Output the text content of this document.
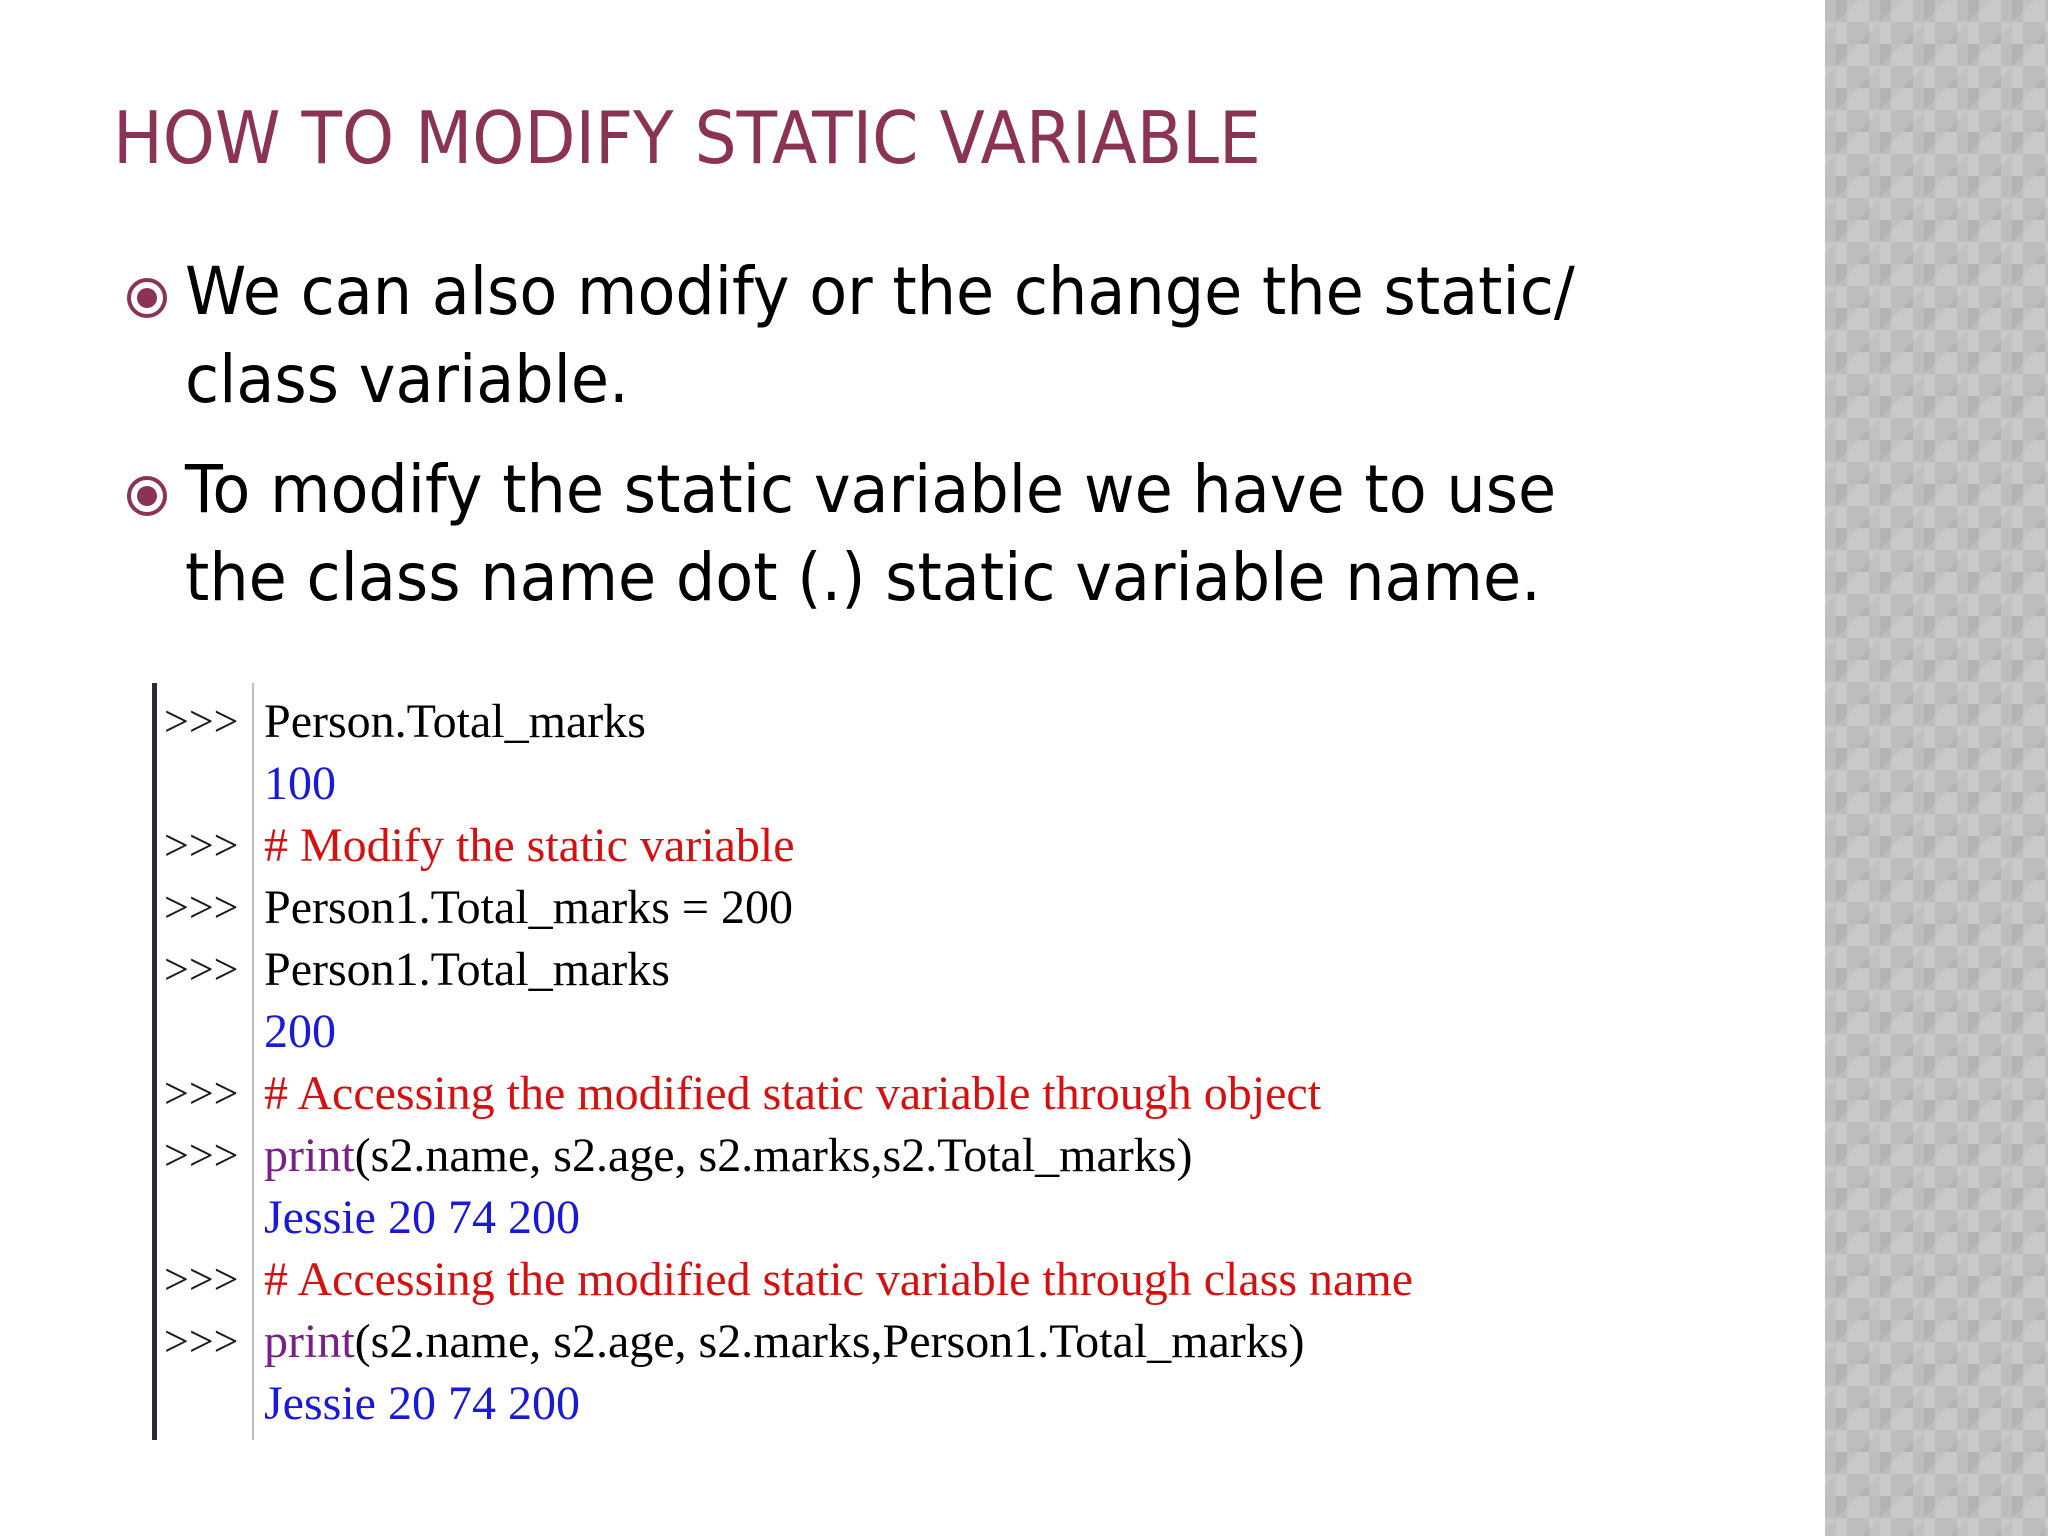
HOW TO MODIFY STATIC VARIABLE
We can also modify or the change the static/
class variable.
To modify the static variable we have to use
the class name dot (.) static variable name.
>>> Person.Total_marks
100
>>> # Modify the static variable
>>> Person1.Total_marks = 200
>>> Person1.Total_marks
200
>>> # Accessing the modified static variable through object
>>> print(s2.name, s2.age, s2.marks,s2.Total_marks)
Jessie 20 74 200
>>> # Accessing the modified static variable through class name
>>> print(s2.name, s2.age, s2.marks,Person1.Total_marks)
Jessie 20 74 200
